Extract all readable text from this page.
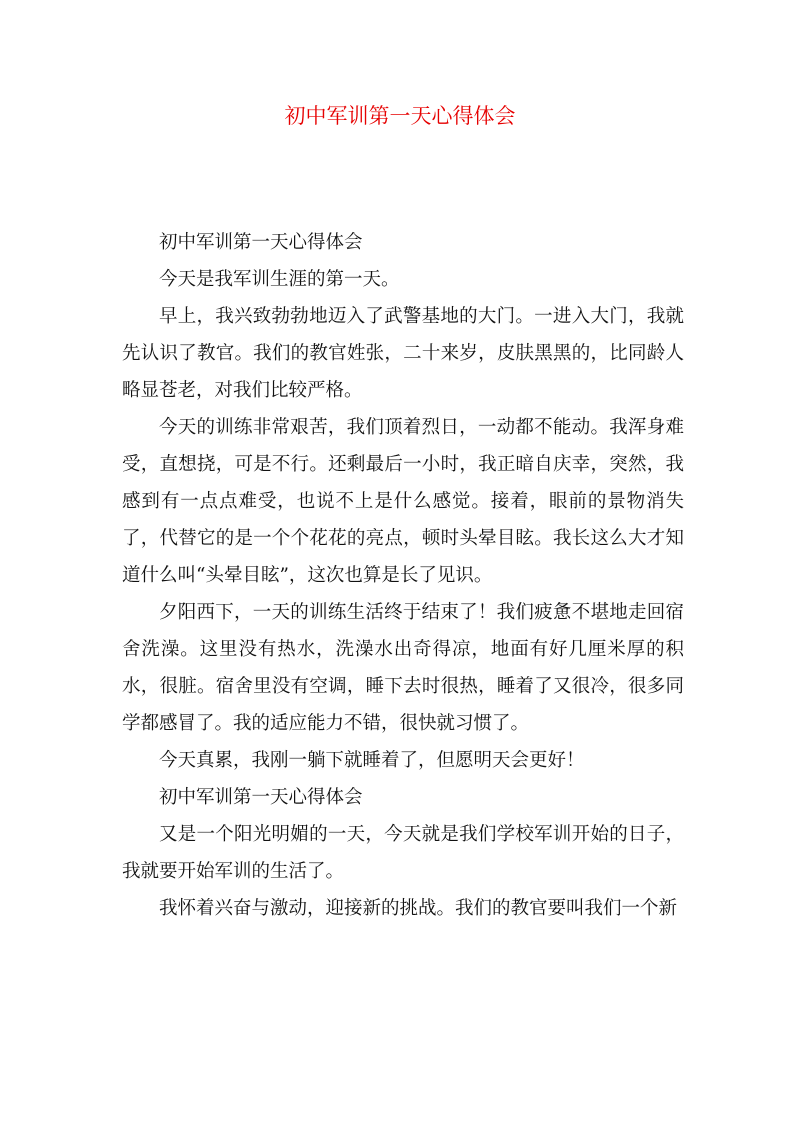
初中军训第一天心得体会

初中军训第一天心得体会

今天是我军训生涯的第一天。

早上，我兴致勃勃地迈入了武警基地的大门。一进入大门，我就先认识了教官。我们的教官姓张，二十来岁，皮肤黑黑的，比同龄人略显苍老，对我们比较严格。

今天的训练非常艰苦，我们顶着烈日，一动都不能动。我浑身难受，直想挠，可是不行。还剩最后一小时，我正暗自庆幸，突然，我感到有一点点难受，也说不上是什么感觉。接着，眼前的景物消失了，代替它的是一个个花花的亮点，顿时头晕目眩。我长这么大才知道什么叫“头晕目眩”，这次也算是长了见识。

夕阳西下，一天的训练生活终于结束了！我们疲惫不堪地走回宿舍洗澡。这里没有热水，洗澡水出奇得凉，地面有好几厘米厚的积水，很脏。宿舍里没有空调，睡下去时很热，睡着了又很冷，很多同学都感冒了。我的适应能力不错，很快就习惯了。

今天真累，我刚一躺下就睡着了，但愿明天会更好！

初中军训第一天心得体会

又是一个阳光明媚的一天，今天就是我们学校军训开始的日子，我就要开始军训的生活了。

我怀着兴奋与激动，迎接新的挑战。我们的教官要叫我们一个新
